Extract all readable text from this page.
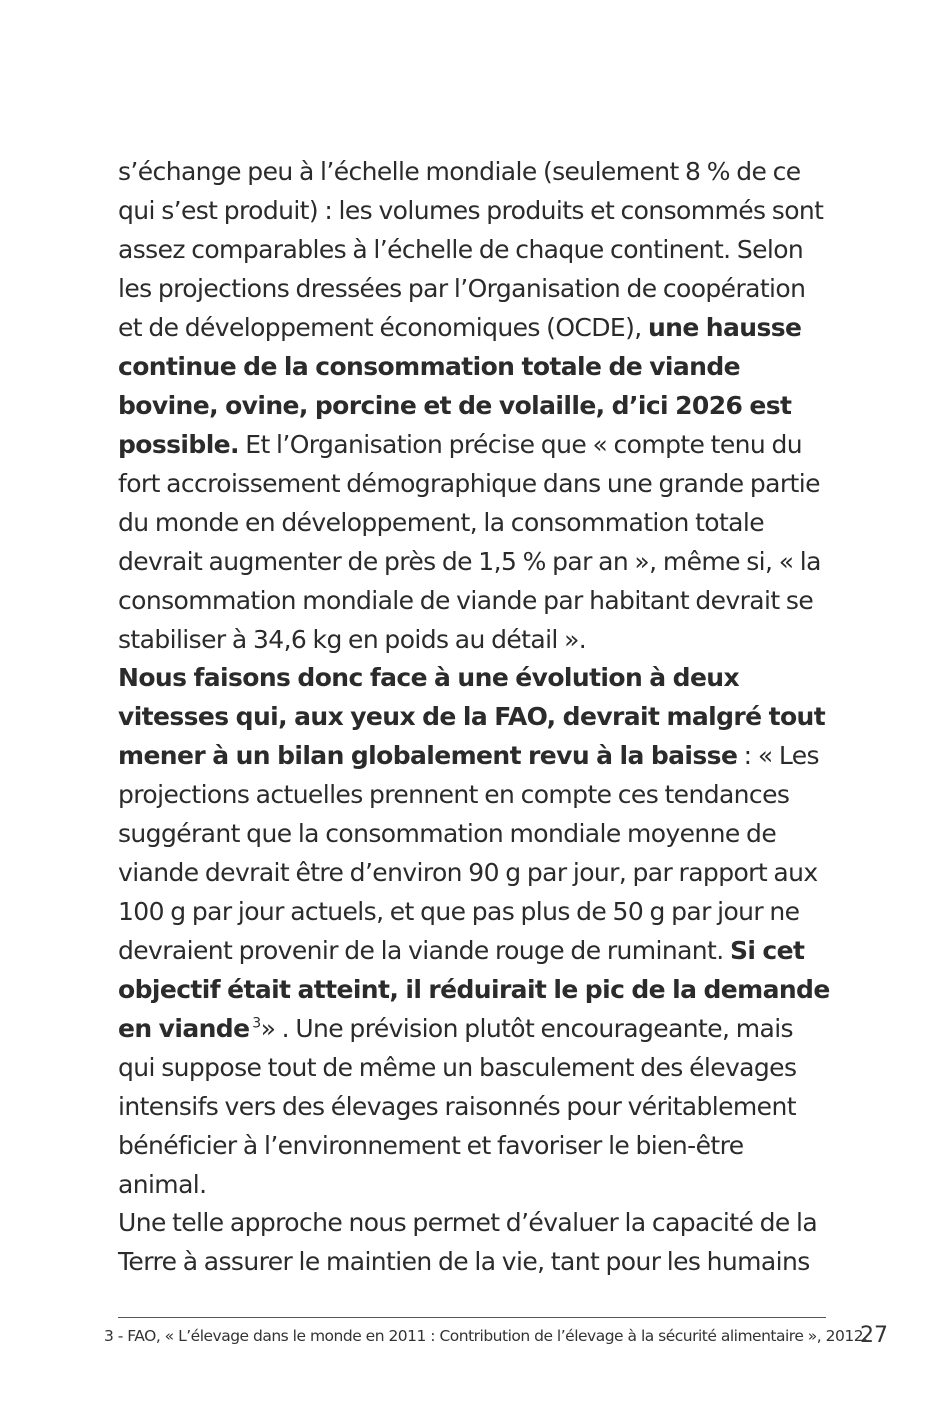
s’échange peu à l’échelle mondiale (seulement 8 % de ce qui s’est produit) : les volumes produits et consommés sont assez comparables à l’échelle de chaque continent. Selon les projections dressées par l’Organisation de coopération et de développement économiques (OCDE), une hausse continue de la consommation totale de viande bovine, ovine, porcine et de volaille, d’ici 2026 est possible. Et l’Organisation précise que « compte tenu du fort accroissement démographique dans une grande partie du monde en développement, la consommation totale devrait augmenter de près de 1,5 % par an », même si, « la consommation mondiale de viande par habitant devrait se stabiliser à 34,6 kg en poids au détail ».

Nous faisons donc face à une évolution à deux vitesses qui, aux yeux de la FAO, devrait malgré tout mener à un bilan globalement revu à la baisse : « Les projections actuelles prennent en compte ces tendances suggérant que la consommation mondiale moyenne de viande devrait être d’environ 90 g par jour, par rapport aux 100 g par jour actuels, et que pas plus de 50 g par jour ne devraient provenir de la viande rouge de ruminant. Si cet objectif était atteint, il réduirait le pic de la demande en viande $^3$» . Une prévision plutôt encourageante, mais qui suppose tout de même un basculement des élevages intensifs vers des élevages raisonnés pour véritablement bénéficier à l’environnement et favoriser le bien-être animal.

Une telle approche nous permet d’évaluer la capacité de la Terre à assurer le maintien de la vie, tant pour les humains

3 - FAO, « L’élevage dans le monde en 2011 : Contribution de l’élevage à la sécurité alimentaire », 2012.
27
